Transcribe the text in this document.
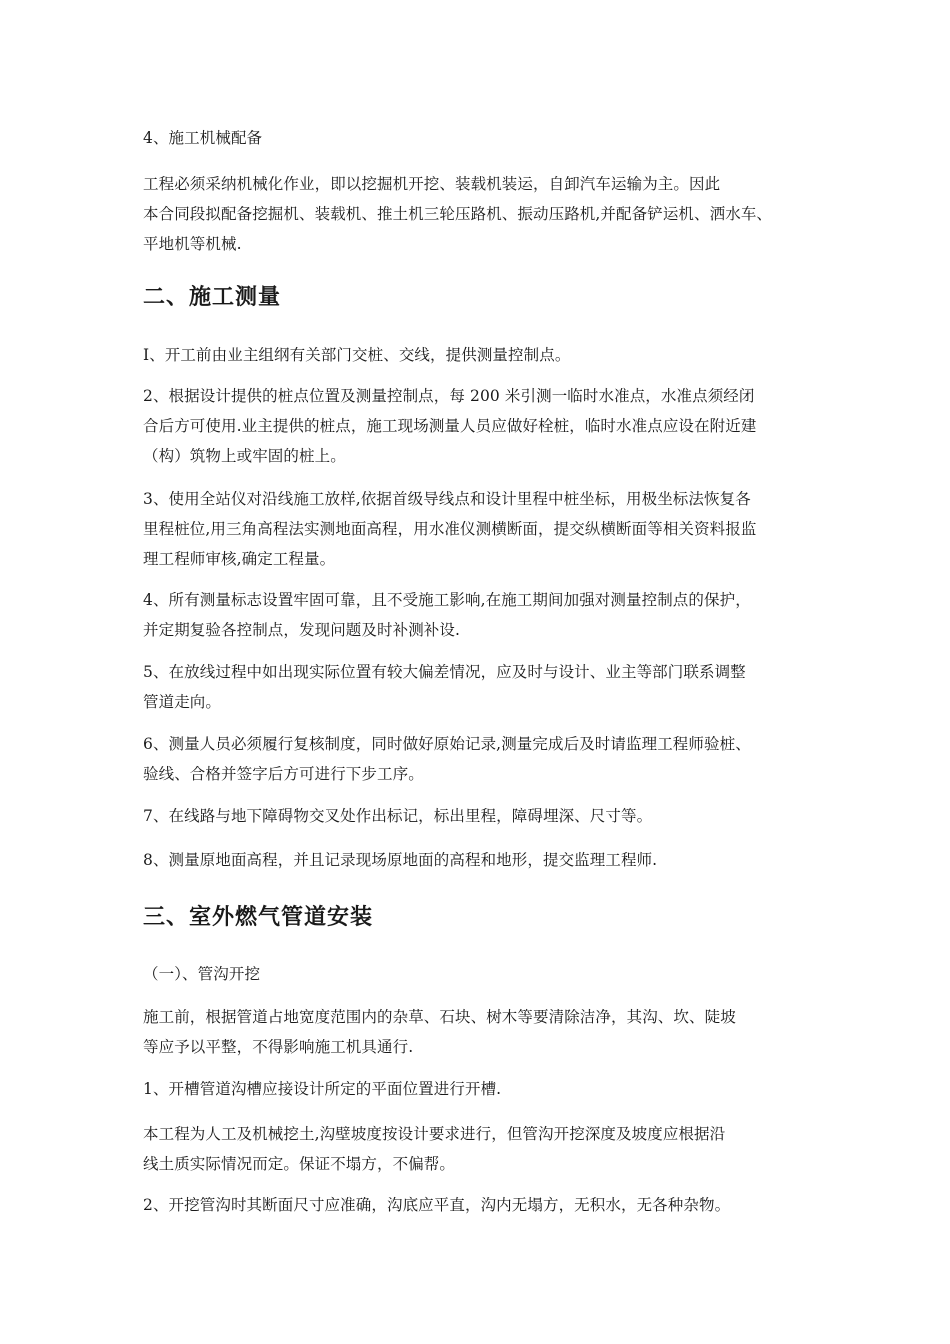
4、施工机械配备
工程必须采纳机械化作业，即以挖掘机开挖、装载机装运，自卸汽车运输为主。因此
本合同段拟配备挖掘机、装载机、推土机三轮压路机、振动压路机,并配备铲运机、洒水车、
平地机等机械.
二、施工测量
I、开工前由业主组纲有关部门交桩、交线，提供测量控制点。
2、根据设计提供的桩点位置及测量控制点，每 200 米引测一临时水准点，水准点须经闭
合后方可使用.业主提供的桩点，施工现场测量人员应做好栓桩，临时水准点应设在附近建
（构）筑物上或牢固的桩上。
3、使用全站仪对沿线施工放样,依据首级导线点和设计里程中桩坐标，用极坐标法恢复各
里程桩位,用三角高程法实测地面高程，用水准仪测横断面，提交纵横断面等相关资料报监
理工程师审核,确定工程量。
4、所有测量标志设置牢固可靠，且不受施工影响,在施工期间加强对测量控制点的保护，
并定期复验各控制点，发现问题及时补测补设.
5、在放线过程中如出现实际位置有较大偏差情况，应及时与设计、业主等部门联系调整
管道走向。
6、测量人员必须履行复核制度，同时做好原始记录,测量完成后及时请监理工程师验桩、
验线、合格并签字后方可进行下步工序。
7、在线路与地下障碍物交叉处作出标记，标出里程，障碍埋深、尺寸等。
8、测量原地面高程，并且记录现场原地面的高程和地形，提交监理工程师.
三、室外燃气管道安装
（一）、管沟开挖
施工前，根据管道占地宽度范围内的杂草、石块、树木等要清除洁净，其沟、坎、陡坡
等应予以平整，不得影响施工机具通行.
1、开槽管道沟槽应接设计所定的平面位置进行开槽.
本工程为人工及机械挖土,沟壁坡度按设计要求进行，但管沟开挖深度及坡度应根据沿
线土质实际情况而定。保证不塌方，不偏帮。
2、开挖管沟时其断面尺寸应准确，沟底应平直，沟内无塌方，无积水，无各种杂物。
